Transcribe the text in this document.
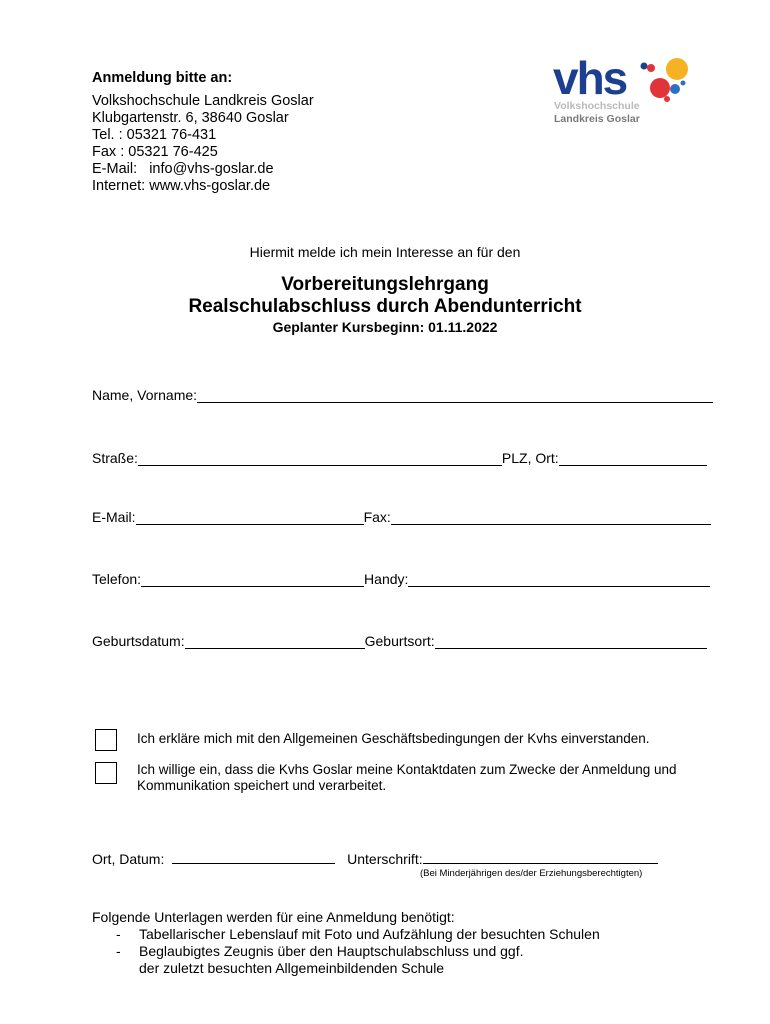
Anmeldung bitte an:
Volkshochschule Landkreis Goslar
Klubgartenstr. 6, 38640 Goslar
Tel. : 05321 76-431
Fax : 05321 76-425
E-Mail:   info@vhs-goslar.de
Internet: www.vhs-goslar.de
vhs
Volkshochschule
Landkreis Goslar
Hiermit melde ich mein Interesse an für den
Vorbereitungslehrgang
Realschulabschluss durch Abendunterricht
Geplanter Kursbeginn: 01.11.2022
Name, Vorname:
Straße:	PLZ, Ort:
E-Mail:	Fax:
Telefon:	Handy:
Geburtsdatum:	Geburtsort:
Ich erkläre mich mit den Allgemeinen Geschäftsbedingungen der Kvhs einverstanden.
Ich willige ein, dass die Kvhs Goslar meine Kontaktdaten zum Zwecke der Anmeldung und Kommunikation speichert und verarbeitet.
Ort, Datum:	Unterschrift:
(Bei Minderjährigen des/der Erziehungsberechtigten)
Folgende Unterlagen werden für eine Anmeldung benötigt:
- Tabellarischer Lebenslauf mit Foto und Aufzählung der besuchten Schulen
- Beglaubigtes Zeugnis über den Hauptschulabschluss und ggf. der zuletzt besuchten Allgemeinbildenden Schule
